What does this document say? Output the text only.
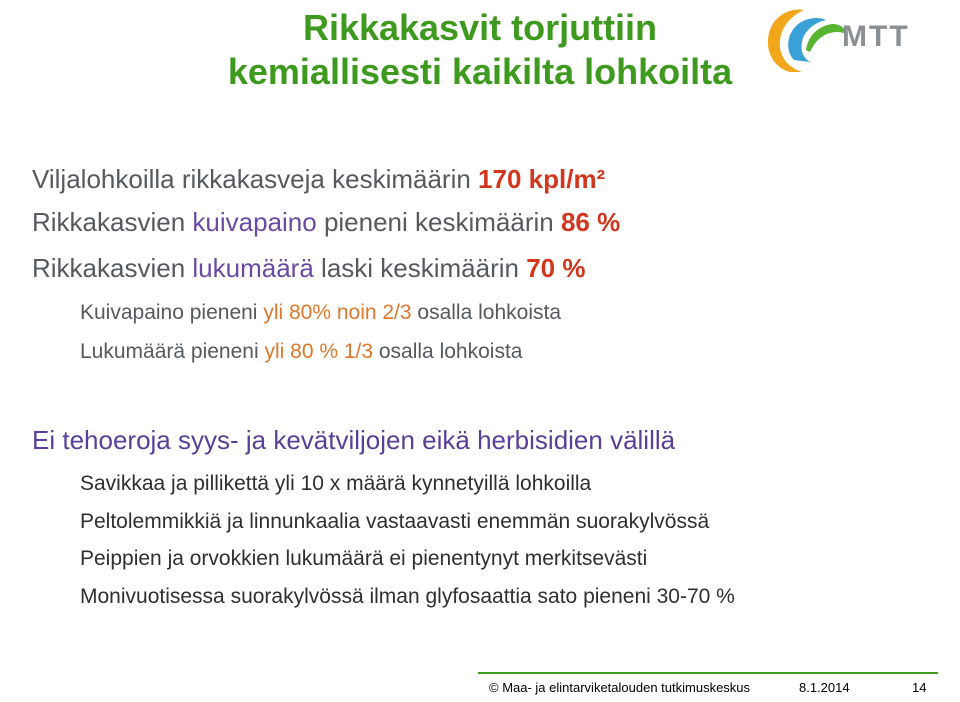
Rikkakasvit torjuttiin
kemiallisesti kaikilta lohkoilta
MTT
Viljalohkoilla rikkakasveja keskimäärin 170 kpl/m²
Rikkakasvien kuivapaino pieneni keskimäärin 86 %
Rikkakasvien lukumäärä laski keskimäärin 70 %
Kuivapaino pieneni yli 80% noin 2/3 osalla lohkoista
Lukumäärä pieneni yli 80 % 1/3 osalla lohkoista
Ei tehoeroja syys- ja kevätviljojen eikä herbisidien välillä
Savikkaa ja pillikettä yli 10 x määrä kynnetyillä lohkoilla
Peltolemmikkiä ja linnunkaalia vastaavasti enemmän suorakylvössä
Peippien ja orvokkien lukumäärä ei pienentynyt merkitsevästi
Monivuotisessa suorakylvössä ilman glyfosaattia sato pieneni 30-70 %
© Maa- ja elintarviketalouden tutkimuskeskus	8.1.2014	14
